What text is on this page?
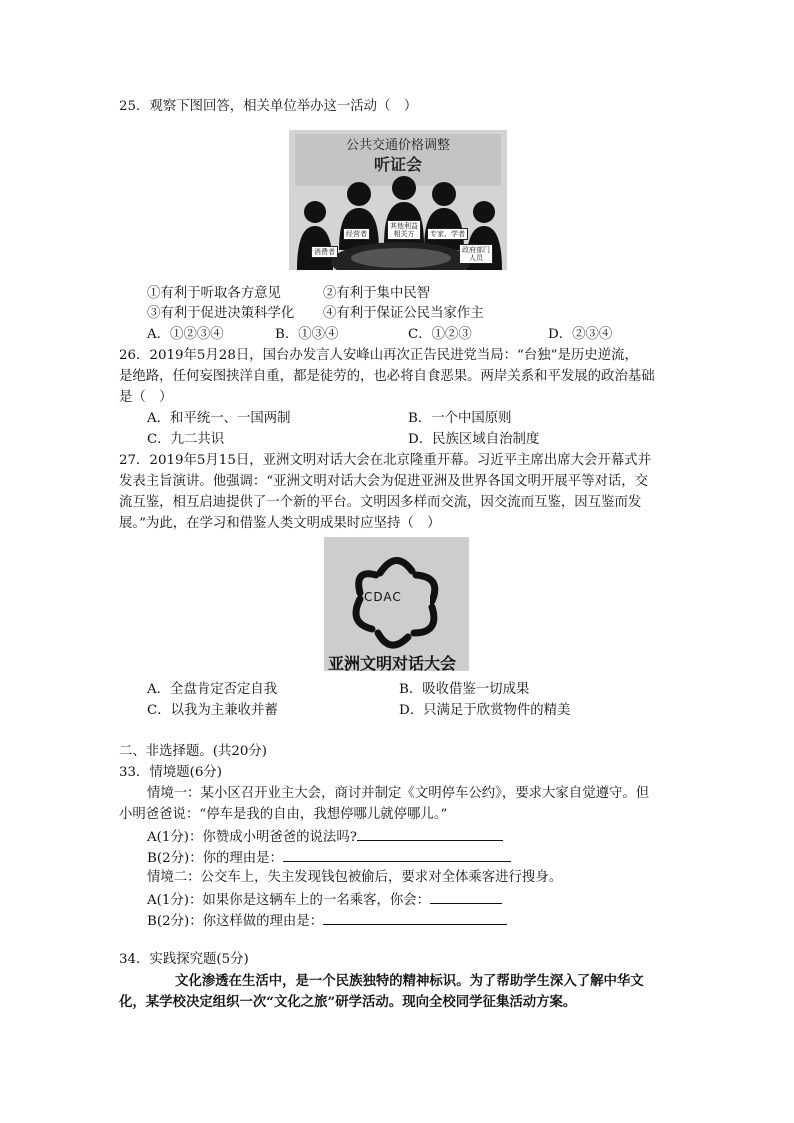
25．观察下图回答，相关单位举办这一活动（　）
公共交通价格调整
听证会
消费者
经营者
其他利益相关方	专家、学者
政府部门人员
①有利于听取各方意见	②有利于集中民智
③有利于促进决策科学化 ④有利于保证公民当家作主
A．①②③④	B．①③④	C．①②③	D．②③④
26．2019年5月28日，国台办发言人安峰山再次正告民进党当局：“台独”是历史逆流，
是绝路，任何妄图挟洋自重，都是徒劳的，也必将自食恶果。两岸关系和平发展的政治基础
是（　）
A．和平统一、一国两制	B．一个中国原则
C．九二共识	D．民族区域自治制度
27．2019年5月15日，亚洲文明对话大会在北京隆重开幕。习近平主席出席大会开幕式并
发表主旨演讲。他强调：“亚洲文明对话大会为促进亚洲及世界各国文明开展平等对话，交
流互鉴，相互启迪提供了一个新的平台。文明因多样而交流，因交流而互鉴，因互鉴而发
展。”为此，在学习和借鉴人类文明成果时应坚持（　）
CDAC
亚洲文明对话大会
A．全盘肯定否定自我	B．吸收借鉴一切成果
C．以我为主兼收并蓄	D．只满足于欣赏物件的精美
二、非选择题。(共20分)
33．情境题(6分)
情境一：某小区召开业主大会，商讨并制定《文明停车公约》，要求大家自觉遵守。但
小明爸爸说：“停车是我的自由，我想停哪儿就停哪儿。”
A(1分)：你赞成小明爸爸的说法吗?
B(2分)：你的理由是：
情境二：公交车上，失主发现钱包被偷后，要求对全体乘客进行搜身。
A(1分)：如果你是这辆车上的一名乘客，你会：
B(2分)：你这样做的理由是：
34．实践探究题(5分)
文化渗透在生活中，是一个民族独特的精神标识。为了帮助学生深入了解中华文
化，某学校决定组织一次“文化之旅”研学活动。现向全校同学征集活动方案。
